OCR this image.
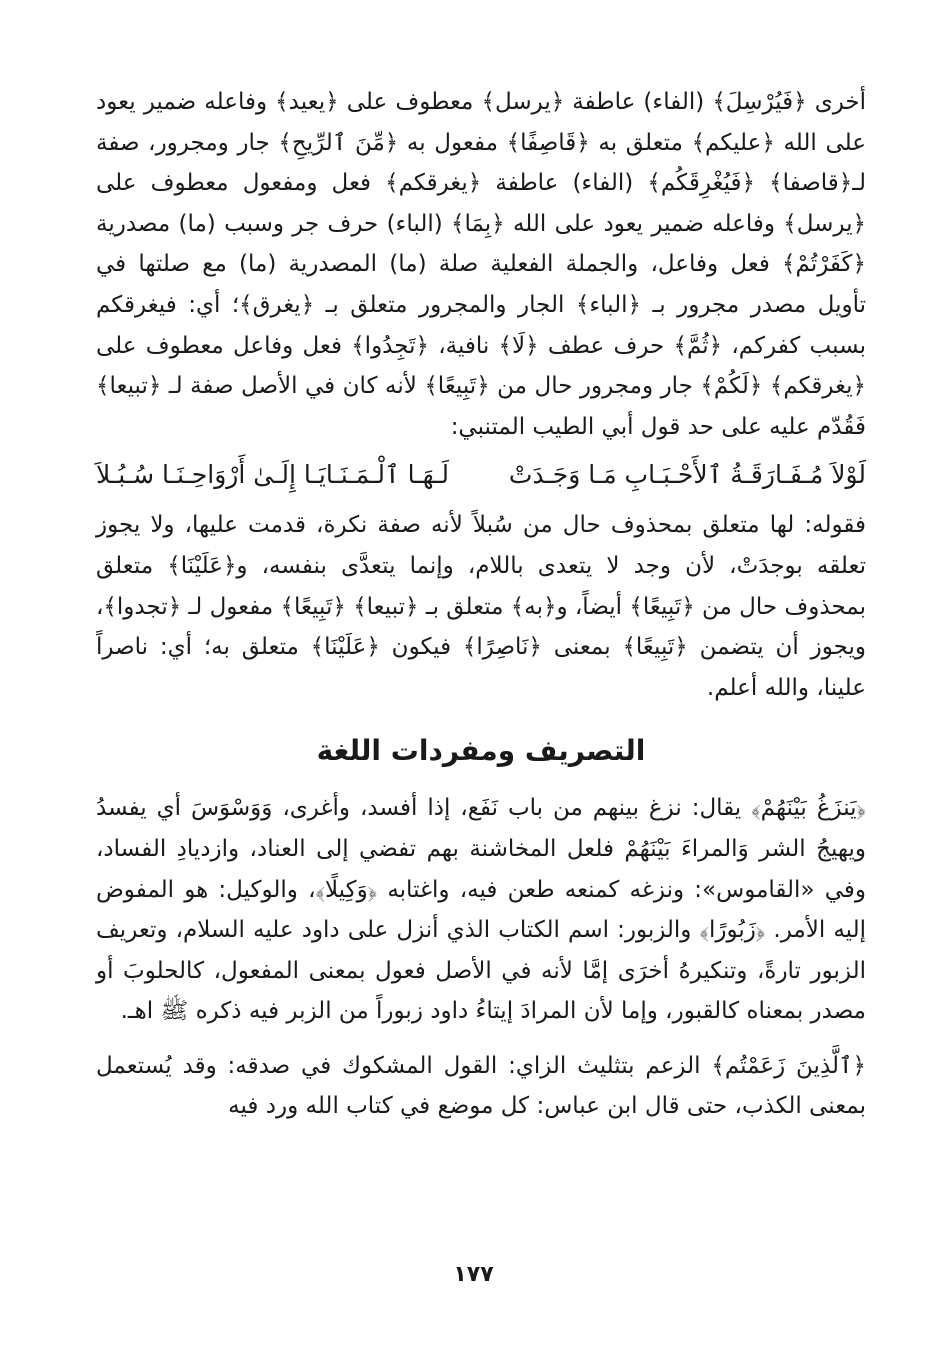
أخرى ﴿فَيُرْسِلَ﴾ (الفاء) عاطفة ﴿يرسل﴾ معطوف على ﴿يعيد﴾ وفاعله ضمير يعود على الله ﴿عليكم﴾ متعلق به ﴿قَاصِفًا﴾ مفعول به ﴿مِّنَ ٱلرِّيحِ﴾ جار ومجرور، صفة لـ﴿قاصفا﴾ ﴿فَيُغْرِقَكُم﴾ (الفاء) عاطفة ﴿يغرقكم﴾ فعل ومفعول معطوف على ﴿يرسل﴾ وفاعله ضمير يعود على الله ﴿بِمَا﴾ (الباء) حرف جر وسبب (ما) مصدرية ﴿كَفَرْتُمْ﴾ فعل وفاعل، والجملة الفعلية صلة (ما) المصدرية (ما) مع صلتها في تأويل مصدر مجرور بـ ﴿الباء﴾ الجار والمجرور متعلق بـ ﴿يغرق﴾؛ أي: فيغرقكم بسبب كفركم، ﴿ثُمَّ﴾ حرف عطف ﴿لَا﴾ نافية، ﴿تَجِدُوا﴾ فعل وفاعل معطوف على ﴿يغرقكم﴾ ﴿لَكُمْ﴾ جار ومجرور حال من ﴿تَبِيعًا﴾ لأنه كان في الأصل صفة لـ ﴿تبيعا﴾ فَقُدّم عليه على حد قول أبي الطيب المتنبي:

لَوْلاَ مُـفَـارَقَـةُ ٱلأَحْـبَـابِ مَـا وَجَـدَتْ
لَـهَـا ٱلْـمَـنَـايَـا إِلَـىٰ أَرْوَاحِـنَـا سُـبُـلاَ

فقوله: لها متعلق بمحذوف حال من سُبلاً لأنه صفة نكرة، قدمت عليها، ولا يجوز تعلقه بوجدَتْ، لأن وجد لا يتعدى باللام، وإنما يتعدَّى بنفسه، و﴿عَلَيْنَا﴾ متعلق بمحذوف حال من ﴿تَبِيعًا﴾ أيضاً، و﴿به﴾ متعلق بـ ﴿تبيعا﴾ ﴿تَبِيعًا﴾ مفعول لـ ﴿تجدوا﴾، ويجوز أن يتضمن ﴿تَبِيعًا﴾ بمعنى ﴿نَاصِرًا﴾ فيكون ﴿عَلَيْنَا﴾ متعلق به؛ أي: ناصراً علينا، والله أعلم.

التصريف ومفردات اللغة

﴿يَنزَغُ بَيْنَهُمْ﴾ يقال: نزغ بينهم من باب نَفَع، إذا أفسد، وأغرى، وَوَسْوَسَ أي يفسدُ ويهيجُ الشر وَالمراءَ بَيْنَهُمْ فلعل المخاشنة بهم تفضي إلى العناد، وازديادِ الفساد، وفي «القاموس»: ونزغه كمنعه طعن فيه، واغتابه ﴿وَكِيلًا﴾، والوكيل: هو المفوض إليه الأمر. ﴿زَبُورًا﴾ والزبور: اسم الكتاب الذي أنزل على داود عليه السلام، وتعريف الزبور تارةً، وتنكيرهُ أخرَى إمَّا لأنه في الأصل فعول بمعنى المفعول، كالحلوبَ أو مصدر بمعناه كالقبور، وإما لأن المرادَ إيتاءُ داود زبوراً من الزبر فيه ذكره ﷺ اهـ.

﴿ٱلَّذِينَ زَعَمْتُم﴾ الزعم بتثليث الزاي: القول المشكوك في صدقه: وقد يُستعمل بمعنى الكذب، حتى قال ابن عباس: كل موضع في كتاب الله ورد فيه

١٧٧
